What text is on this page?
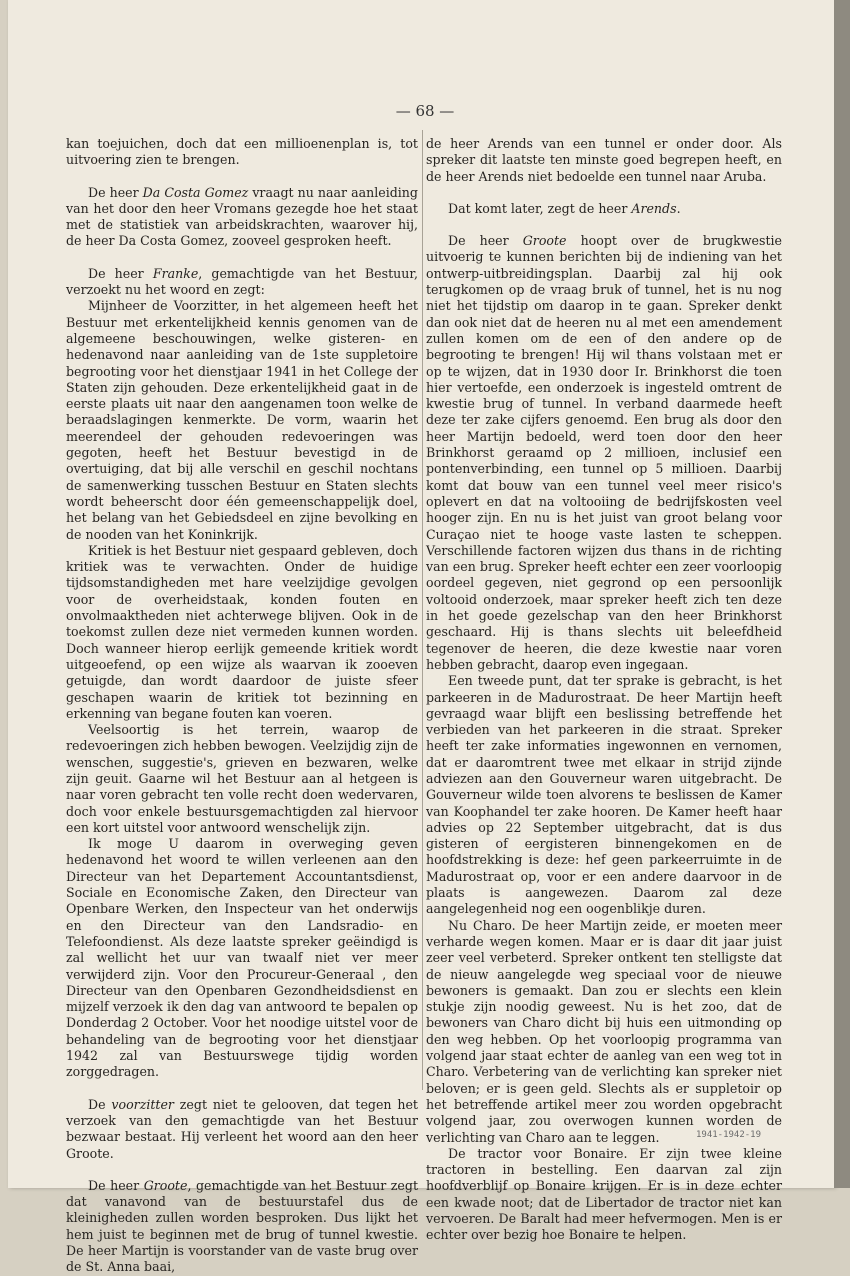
— 68 —

kan toejuichen, doch dat een millioenenplan is, tot uitvoering zien te brengen.

De heer Da Costa Gomez vraagt nu naar aanleiding van het door den heer Vromans gezegde hoe het staat met de statistiek van arbeidskrachten, waarover hij, de heer Da Costa Gomez, zooveel gesproken heeft.

De heer Franke, gemachtigde van het Bestuur, verzoekt nu het woord en zegt:

Mijnheer de Voorzitter, in het algemeen heeft het Bestuur met erkentelijkheid kennis genomen van de algemeene beschouwingen, welke gisteren- en hedenavond naar aanleiding van de 1ste suppletoire begrooting voor het dienstjaar 1941 in het College der Staten zijn gehouden. Deze erkentelijkheid gaat in de eerste plaats uit naar den aangenamen toon welke de beraadslagingen kenmerkte. De vorm, waarin het meerendeel der gehouden redevoeringen was gegoten, heeft het Bestuur bevestigd in de overtuiging, dat bij alle verschil en geschil nochtans de samenwerking tusschen Bestuur en Staten slechts wordt beheerscht door één gemeenschappelijk doel, het belang van het Gebiedsdeel en zijne bevolking en de nooden van het Koninkrijk.

Kritiek is het Bestuur niet gespaard gebleven, doch kritiek was te verwachten. Onder de huidige tijdsomstandigheden met hare veelzijdige gevolgen voor de overheidstaak, konden fouten en onvolmaaktheden niet achterwege blijven. Ook in de toekomst zullen deze niet vermeden kunnen worden. Doch wanneer hierop eerlijk gemeende kritiek wordt uitgeoefend, op een wijze als waarvan ik zooeven getuigde, dan wordt daardoor de juiste sfeer geschapen waarin de kritiek tot bezinning en erkenning van begane fouten kan voeren.

Veelsoortig is het terrein, waarop de redevoeringen zich hebben bewogen. Veelzijdig zijn de wenschen, suggestie's, grieven en bezwaren, welke zijn geuit. Gaarne wil het Bestuur aan al hetgeen is naar voren gebracht ten volle recht doen wedervaren, doch voor enkele bestuursgemachtigden zal hiervoor een kort uitstel voor antwoord wenschelijk zijn.

Ik moge U daarom in overweging geven hedenavond het woord te willen verleenen aan den Directeur van het Departement Accountantsdienst, Sociale en Economische Zaken, den Directeur van Openbare Werken, den Inspecteur van het onderwijs en den Directeur van den Landsradio- en Telefoondienst. Als deze laatste spreker geëindigd is zal wellicht het uur van twaalf niet ver meer verwijderd zijn. Voor den Procureur-Generaal , den Directeur van den Openbaren Gezondheidsdienst en mijzelf verzoek ik den dag van antwoord te bepalen op Donderdag 2 October. Voor het noodige uitstel voor de behandeling van de begrooting voor het dienstjaar 1942 zal van Bestuurswege tijdig worden zorggedragen.

De voorzitter zegt niet te gelooven, dat tegen het verzoek van den gemachtigde van het Bestuur bezwaar bestaat. Hij verleent het woord aan den heer Groote.

De heer Groote, gemachtigde van het Bestuur zegt dat vanavond van de bestuurstafel dus de kleinigheden zullen worden besproken. Dus lijkt het hem juist te beginnen met de brug of tunnel kwestie. De heer Martijn is voorstander van de vaste brug over de St. Anna baai,

de heer Arends van een tunnel er onder door. Als spreker dit laatste ten minste goed begrepen heeft, en de heer Arends niet bedoelde een tunnel naar Aruba.

Dat komt later, zegt de heer Arends.

De heer Groote hoopt over de brugkwestie uitvoerig te kunnen berichten bij de indiening van het ontwerp-uitbreidingsplan. Daarbij zal hij ook terugkomen op de vraag bruk of tunnel, het is nu nog niet het tijdstip om daarop in te gaan. Spreker denkt dan ook niet dat de heeren nu al met een amendement zullen komen om de een of den andere op de begrooting te brengen! Hij wil thans volstaan met er op te wijzen, dat in 1930 door Ir. Brinkhorst die toen hier vertoefde, een onderzoek is ingesteld omtrent de kwestie brug of tunnel. In verband daarmede heeft deze ter zake cijfers genoemd. Een brug als door den heer Martijn bedoeld, werd toen door den heer Brinkhorst geraamd op 2 millioen, inclusief een pontenverbinding, een tunnel op 5 millioen. Daarbij komt dat bouw van een tunnel veel meer risico's oplevert en dat na voltooiing de bedrijfskosten veel hooger zijn. En nu is het juist van groot belang voor Curaçao niet te hooge vaste lasten te scheppen. Verschillende factoren wijzen dus thans in de richting van een brug. Spreker heeft echter een zeer voorloopig oordeel gegeven, niet gegrond op een persoonlijk voltooid onderzoek, maar spreker heeft zich ten deze in het goede gezelschap van den heer Brinkhorst geschaard. Hij is thans slechts uit beleefdheid tegenover de heeren, die deze kwestie naar voren hebben gebracht, daarop even ingegaan.

Een tweede punt, dat ter sprake is gebracht, is het parkeeren in de Madurostraat. De heer Martijn heeft gevraagd waar blijft een beslissing betreffende het verbieden van het parkeeren in die straat. Spreker heeft ter zake informaties ingewonnen en vernomen, dat er daaromtrent twee met elkaar in strijd zijnde adviezen aan den Gouverneur waren uitgebracht. De Gouverneur wilde toen alvorens te beslissen de Kamer van Koophandel ter zake hooren. De Kamer heeft haar advies op 22 September uitgebracht, dat is dus gisteren of eergisteren binnengekomen en de hoofdstrekking is deze: hef geen parkeerruimte in de Madurostraat op, voor er een andere daarvoor in de plaats is aangewezen. Daarom zal deze aangelegenheid nog een oogenblikje duren.

Nu Charo. De heer Martijn zeide, er moeten meer verharde wegen komen. Maar er is daar dit jaar juist zeer veel verbeterd. Spreker ontkent ten stelligste dat de nieuw aangelegde weg speciaal voor de nieuwe bewoners is gemaakt. Dan zou er slechts een klein stukje zijn noodig geweest. Nu is het zoo, dat de bewoners van Charo dicht bij huis een uitmonding op den weg hebben. Op het voorloopig programma van volgend jaar staat echter de aanleg van een weg tot in Charo. Verbetering van de verlichting kan spreker niet beloven; er is geen geld. Slechts als er suppletoir op het betreffende artikel meer zou worden opgebracht volgend jaar, zou overwogen kunnen worden de verlichting van Charo aan te leggen.

De tractor voor Bonaire. Er zijn twee kleine tractoren in bestelling. Een daarvan zal zijn hoofdverblijf op Bonaire krijgen. Er is in deze echter een kwade noot; dat de Libertador de tractor niet kan vervoeren. De Baralt had meer hefvermogen. Men is er echter over bezig hoe Bonaire te helpen.

1941-1942-19
